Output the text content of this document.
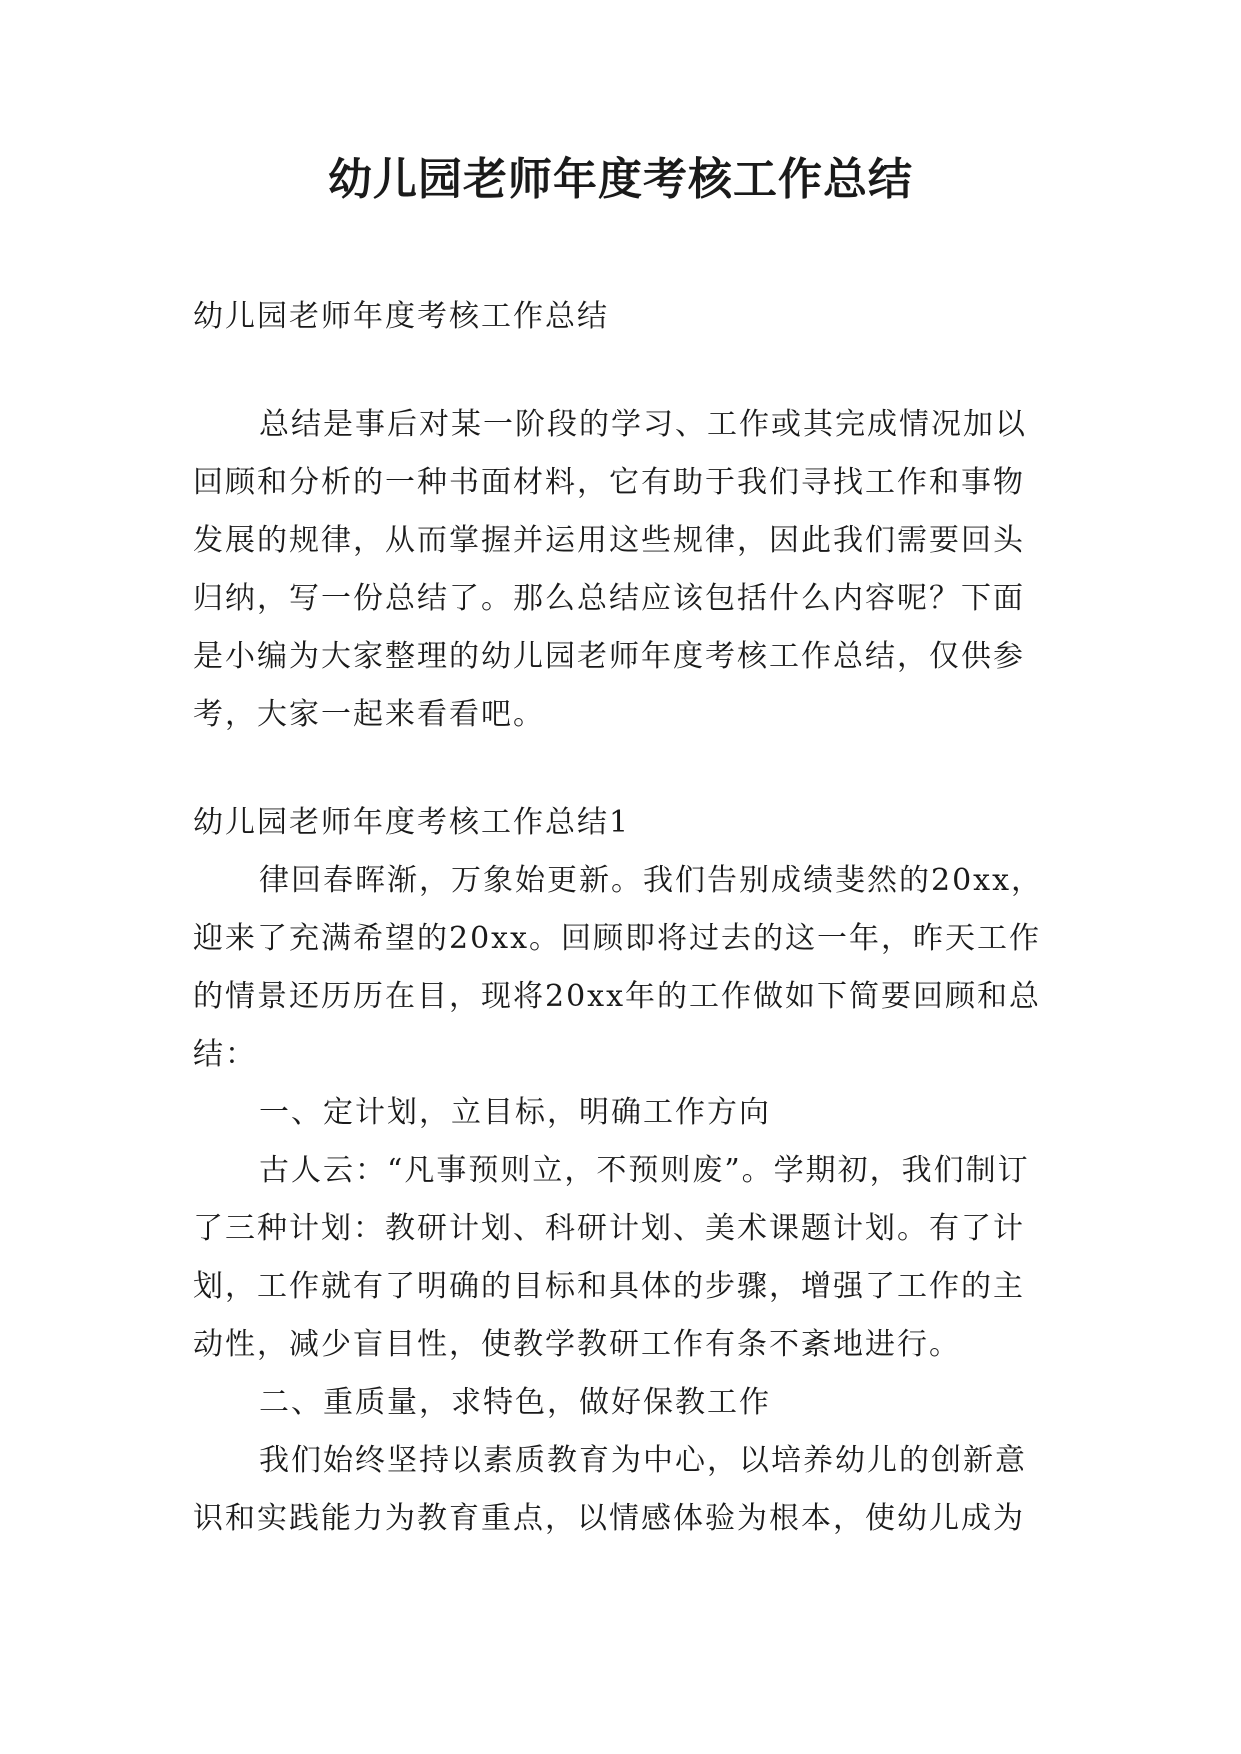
幼儿园老师年度考核工作总结

幼儿园老师年度考核工作总结

总结是事后对某一阶段的学习、工作或其完成情况加以回顾和分析的一种书面材料，它有助于我们寻找工作和事物发展的规律，从而掌握并运用这些规律，因此我们需要回头归纳，写一份总结了。那么总结应该包括什么内容呢？下面是小编为大家整理的幼儿园老师年度考核工作总结，仅供参考，大家一起来看看吧。

幼儿园老师年度考核工作总结1

律回春晖渐，万象始更新。我们告别成绩斐然的20xx，迎来了充满希望的20xx。回顾即将过去的这一年，昨天工作的情景还历历在目，现将20xx年的工作做如下简要回顾和总结：

一、定计划，立目标，明确工作方向

古人云：“凡事预则立，不预则废”。学期初，我们制订了三种计划：教研计划、科研计划、美术课题计划。有了计划，工作就有了明确的目标和具体的步骤，增强了工作的主动性，减少盲目性，使教学教研工作有条不紊地进行。

二、重质量，求特色，做好保教工作

我们始终坚持以素质教育为中心，以培养幼儿的创新意识和实践能力为教育重点，以情感体验为根本，使幼儿成为
